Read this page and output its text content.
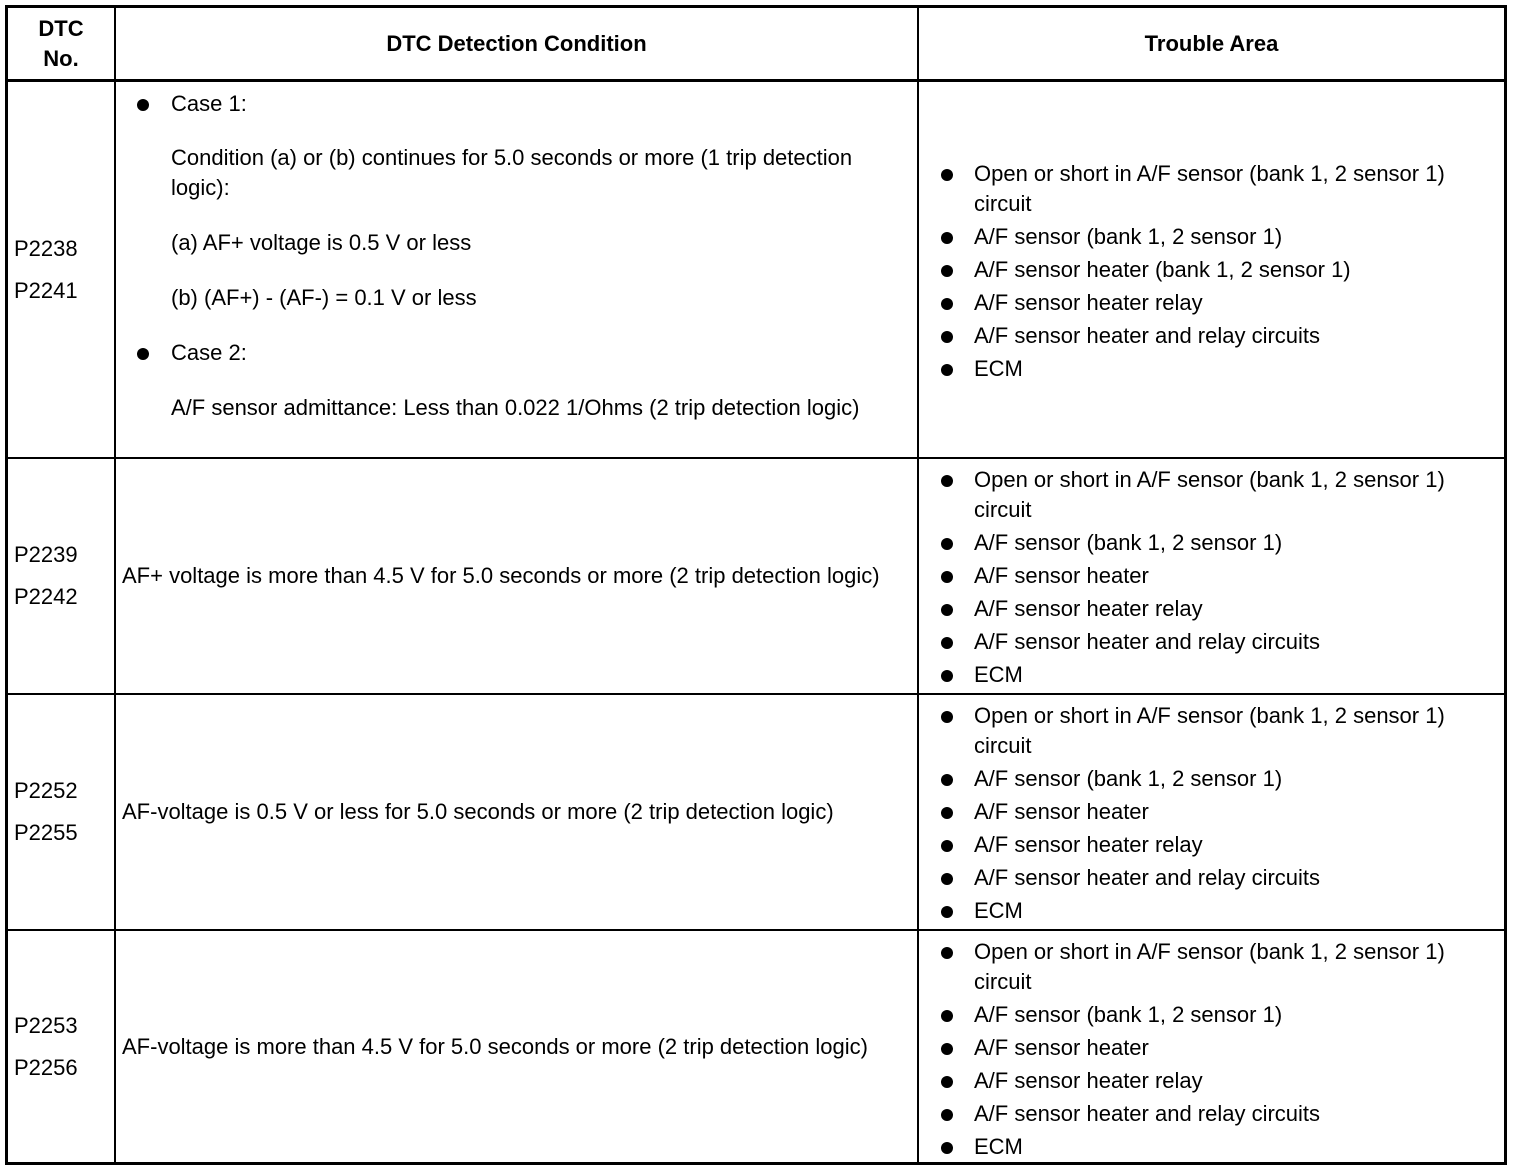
DTC No.
DTC Detection Condition	Trouble Area
P2238
P2241
Case 1:
Condition (a) or (b) continues for 5.0 seconds or more (1 trip detection logic):
(a) AF+ voltage is 0.5 V or less
(b) (AF+) - (AF-) = 0.1 V or less
Case 2:
A/F sensor admittance: Less than 0.022 1/Ohms (2 trip detection logic)
Open or short in A/F sensor (bank 1, 2 sensor 1) circuit
A/F sensor (bank 1, 2 sensor 1)
A/F sensor heater (bank 1, 2 sensor 1)
A/F sensor heater relay
A/F sensor heater and relay circuits
ECM
P2239
P2242
AF+ voltage is more than 4.5 V for 5.0 seconds or more (2 trip detection logic)
Open or short in A/F sensor (bank 1, 2 sensor 1) circuit
A/F sensor (bank 1, 2 sensor 1)
A/F sensor heater
A/F sensor heater relay
A/F sensor heater and relay circuits
ECM
P2252
P2255
AF-voltage is 0.5 V or less for 5.0 seconds or more (2 trip detection logic)
Open or short in A/F sensor (bank 1, 2 sensor 1) circuit
A/F sensor (bank 1, 2 sensor 1)
A/F sensor heater
A/F sensor heater relay
A/F sensor heater and relay circuits
ECM
P2253
P2256
AF-voltage is more than 4.5 V for 5.0 seconds or more (2 trip detection logic)
Open or short in A/F sensor (bank 1, 2 sensor 1) circuit
A/F sensor (bank 1, 2 sensor 1)
A/F sensor heater
A/F sensor heater relay
A/F sensor heater and relay circuits
ECM
